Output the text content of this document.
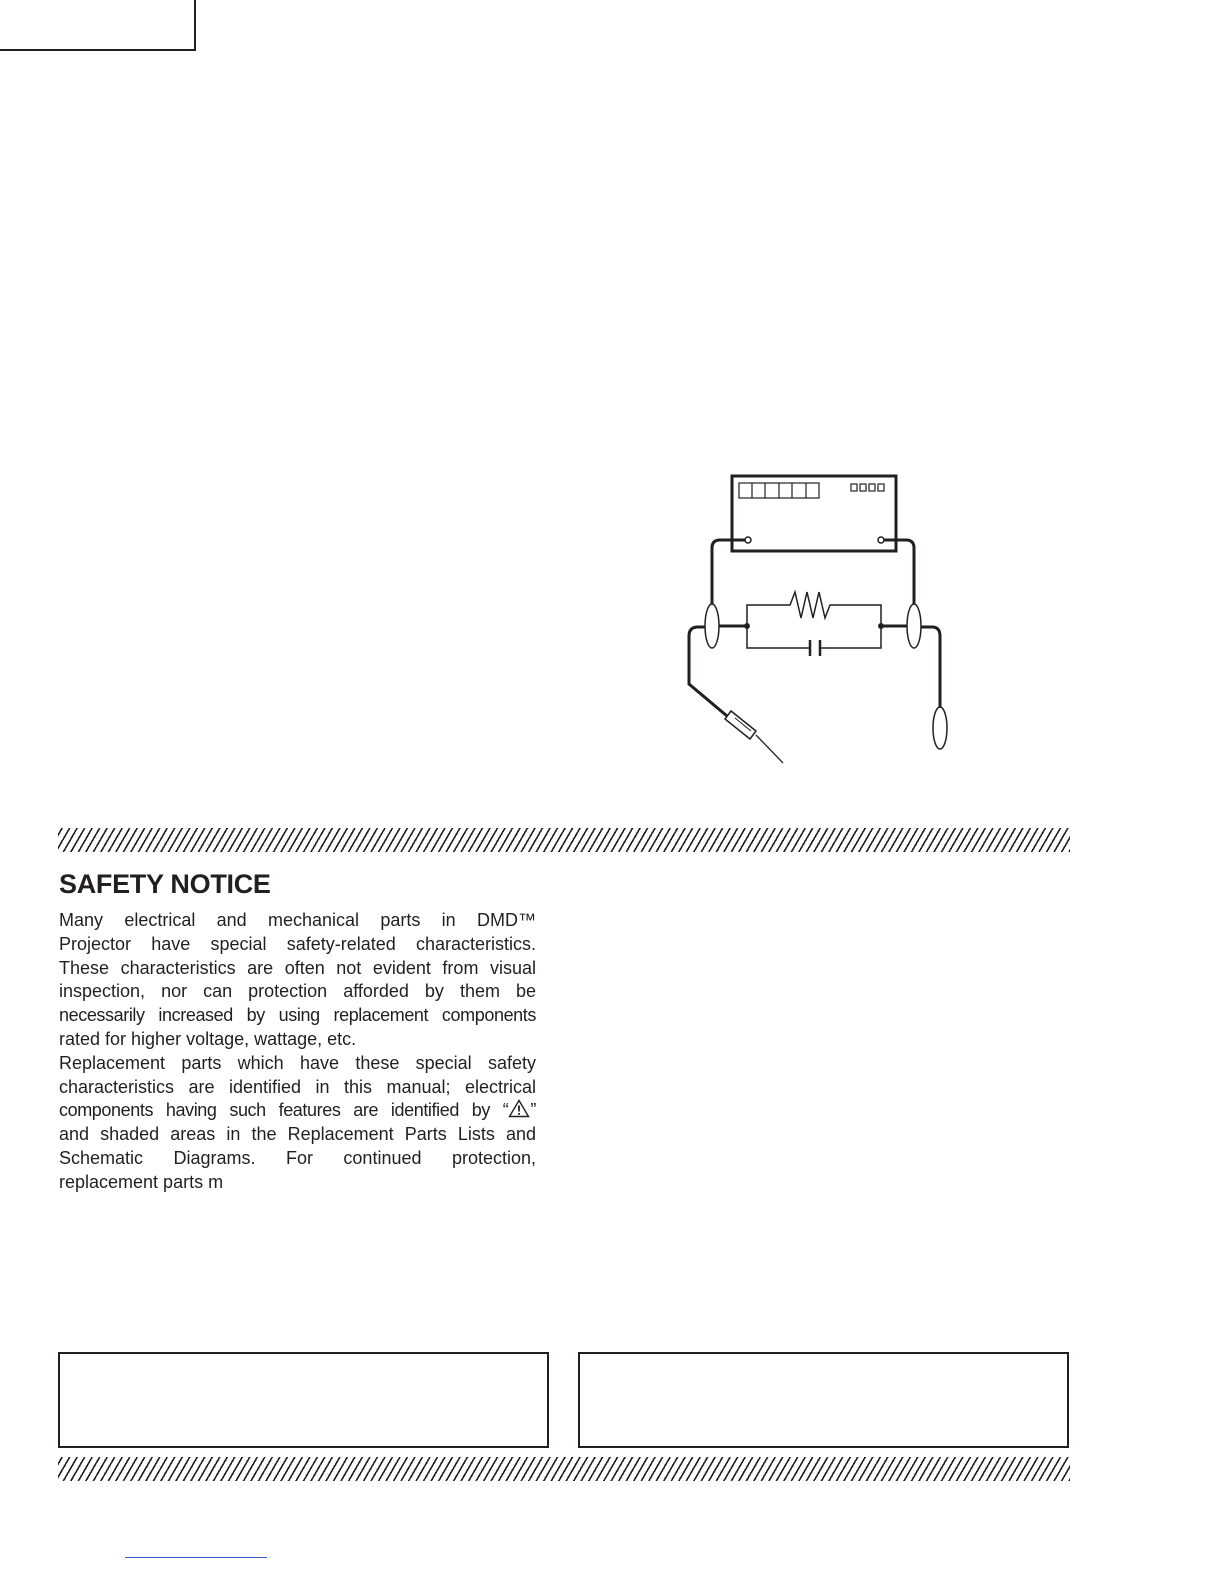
SAFETY NOTICE
Many electrical and mechanical parts in DMD™
Projector have special safety-related characteristics.
These characteristics are often not evident from visual
inspection, nor can protection afforded by them be
necessarily increased by using replacement components
rated for higher voltage, wattage, etc.
Replacement parts which have these special safety
characteristics are identified in this manual; electrical
components having such features are identified by “ ”
and shaded areas in the Replacement Parts Lists and
Schematic Diagrams. For continued protection,
replacement parts m
